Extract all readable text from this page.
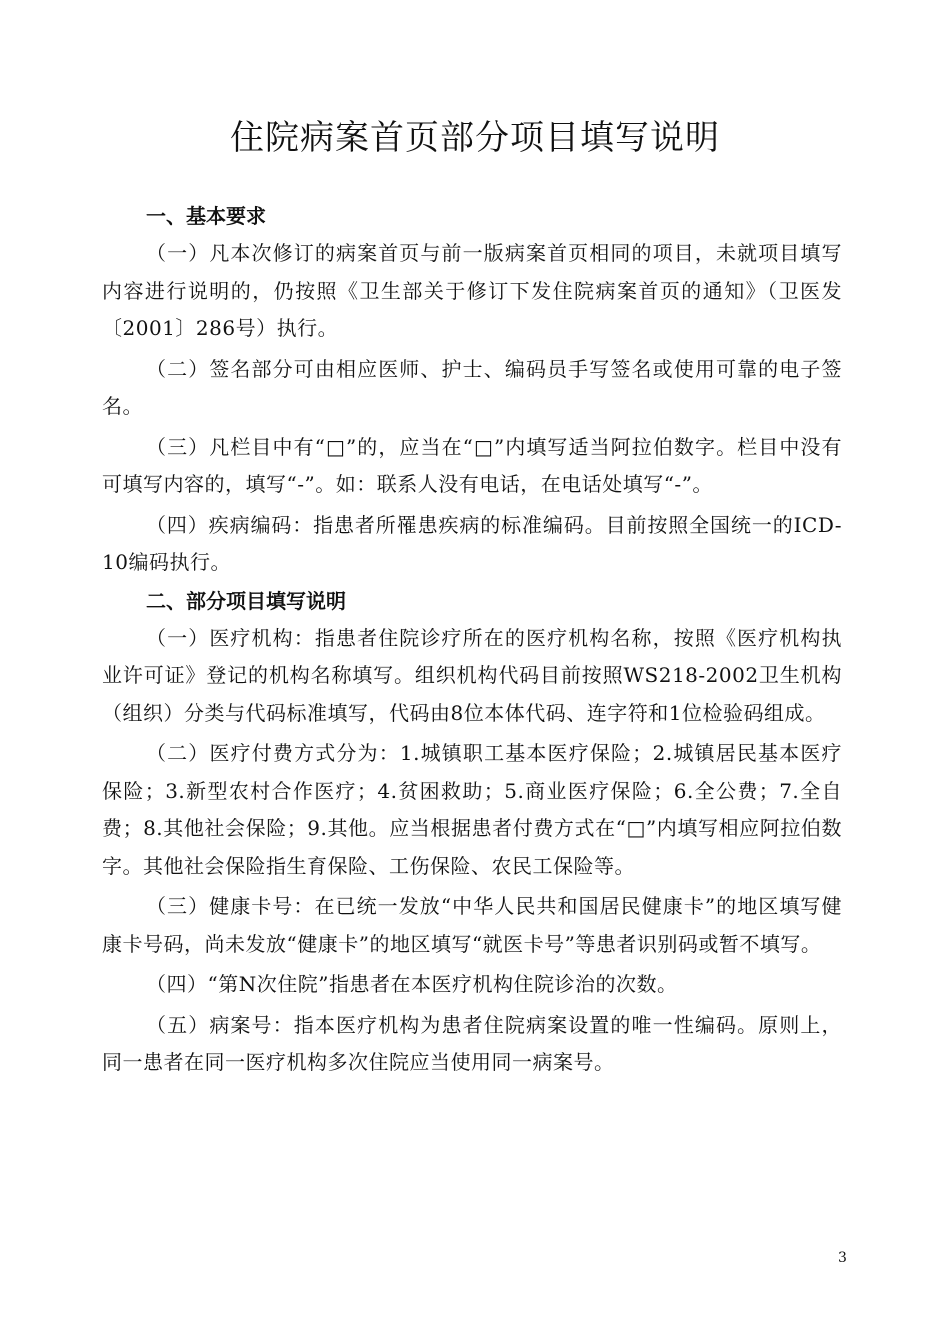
住院病案首页部分项目填写说明
一、基本要求

（一）凡本次修订的病案首页与前一版病案首页相同的项目，未就项目填写内容进行说明的，仍按照《卫生部关于修订下发住院病案首页的通知》（卫医发〔2001〕286号）执行。

（二）签名部分可由相应医师、护士、编码员手写签名或使用可靠的电子签名。

（三）凡栏目中有“□”的，应当在“□”内填写适当阿拉伯数字。栏目中没有可填写内容的，填写“-”。如：联系人没有电话，在电话处填写“-”。

（四）疾病编码：指患者所罹患疾病的标准编码。目前按照全国统一的ICD-10编码执行。

二、部分项目填写说明

（一）医疗机构：指患者住院诊疗所在的医疗机构名称，按照《医疗机构执业许可证》登记的机构名称填写。组织机构代码目前按照WS218-2002卫生机构（组织）分类与代码标准填写，代码由8位本体代码、连字符和1位检验码组成。

（二）医疗付费方式分为：1.城镇职工基本医疗保险；2.城镇居民基本医疗保险；3.新型农村合作医疗；4.贫困救助；5.商业医疗保险；6.全公费；7.全自费；8.其他社会保险；9.其他。应当根据患者付费方式在“□”内填写相应阿拉伯数字。其他社会保险指生育保险、工伤保险、农民工保险等。

（三）健康卡号：在已统一发放“中华人民共和国居民健康卡”的地区填写健康卡号码，尚未发放“健康卡”的地区填写“就医卡号”等患者识别码或暂不填写。

（四）“第N次住院”指患者在本医疗机构住院诊治的次数。

（五）病案号：指本医疗机构为患者住院病案设置的唯一性编码。原则上，同一患者在同一医疗机构多次住院应当使用同一病案号。

3
